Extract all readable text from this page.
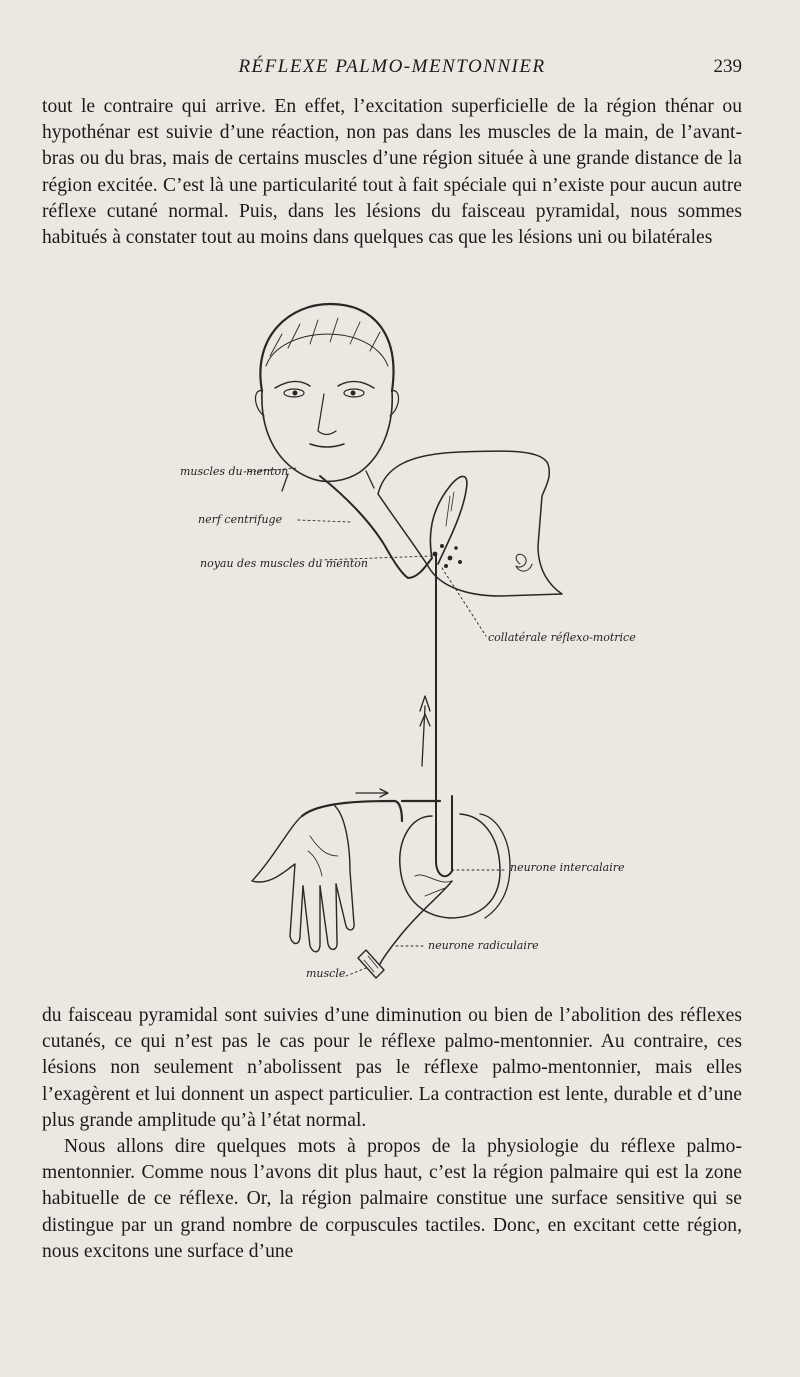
RÉFLEXE PALMO-MENTONNIER	239

tout le contraire qui arrive. En effet, l’excitation superficielle de la région thénar ou hypothénar est suivie d’une réaction, non pas dans les muscles de la main, de l’avant-bras ou du bras, mais de certains muscles d’une région située à une grande distance de la région excitée. C’est là une particularité tout à fait spéciale qui n’existe pour aucun autre réflexe cutané normal. Puis, dans les lésions du faisceau pyramidal, nous sommes habitués à constater tout au moins dans quelques cas que les lésions uni ou bilatérales

muscles du menton
nerf centrifuge
noyau des muscles du menton
collatérale réflexo-motrice
neurone intercalaire
neurone radiculaire
muscle

du faisceau pyramidal sont suivies d’une diminution ou bien de l’abolition des réflexes cutanés, ce qui n’est pas le cas pour le réflexe palmo-mentonnier. Au contraire, ces lésions non seulement n’abolissent pas le réflexe palmo-mentonnier, mais elles l’exagèrent et lui donnent un aspect particulier. La contraction est lente, durable et d’une plus grande amplitude qu’à l’état normal.

Nous allons dire quelques mots à propos de la physiologie du réflexe palmo-mentonnier. Comme nous l’avons dit plus haut, c’est la région palmaire qui est la zone habituelle de ce réflexe. Or, la région palmaire constitue une surface sensitive qui se distingue par un grand nombre de corpuscules tactiles. Donc, en excitant cette région, nous excitons une surface d’une
